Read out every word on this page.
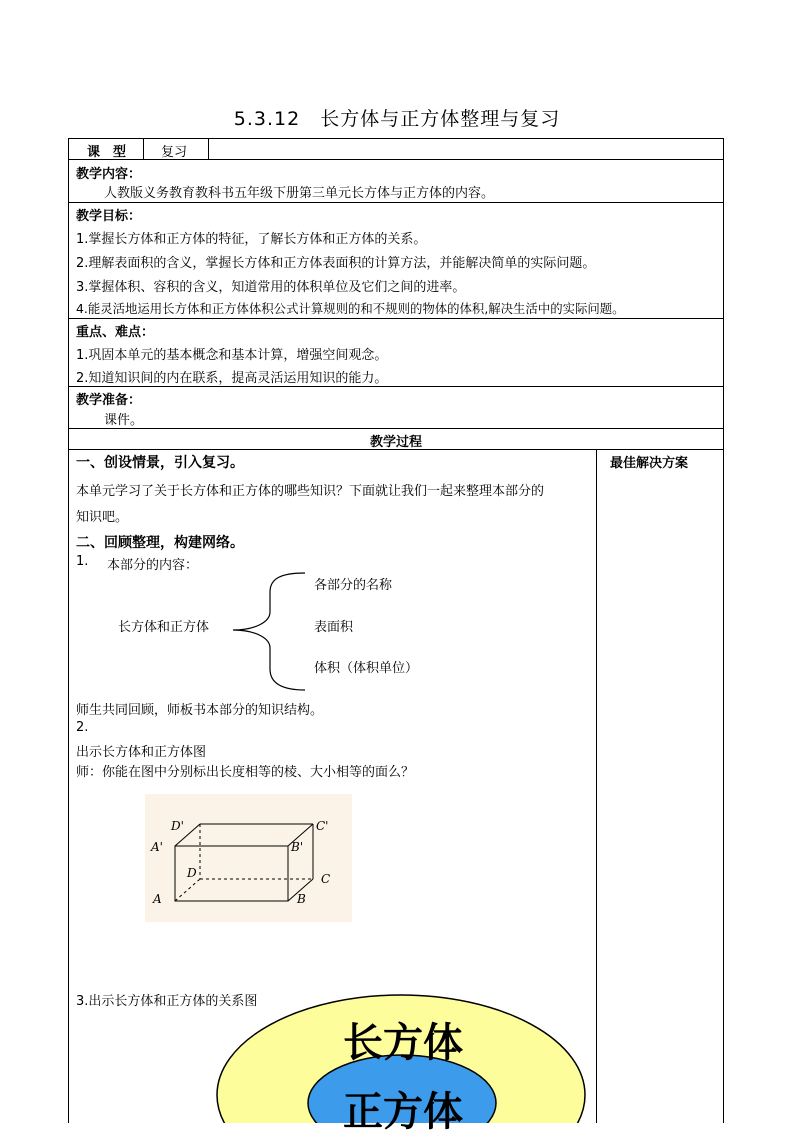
5.3.12　长方体与正方体整理与复习
课　型	复习
教学内容：
人教版义务教育教科书五年级下册第三单元长方体与正方体的内容。
教学目标：
1.掌握长方体和正方体的特征，了解长方体和正方体的关系。
2.理解表面积的含义，掌握长方体和正方体表面积的计算方法，并能解决简单的实际问题。
3.掌握体积、容积的含义，知道常用的体积单位及它们之间的进率。
4.能灵活地运用长方体和正方体体积公式计算规则的和不规则的物体的体积,解决生活中的实际问题。
重点、难点：
1.巩固本单元的基本概念和基本计算，增强空间观念。
2.知道知识间的内在联系，提高灵活运用知识的能力。
教学准备：
课件。
教学过程
最佳解决方案
一、创设情景，引入复习。
本单元学习了关于长方体和正方体的哪些知识？下面就让我们一起来整理本部分的
知识吧。
二、回顾整理，构建网络。
1. 本部分的内容：
长方体和正方体
各部分的名称
表面积
体积（体积单位）
师生共同回顾，师板书本部分的知识结构。
2.
出示长方体和正方体图
师：你能在图中分别标出长度相等的棱、大小相等的面么？
D'	C'
A'	B'
D	C
A	B
3.出示长方体和正方体的关系图
长方体
正方体
